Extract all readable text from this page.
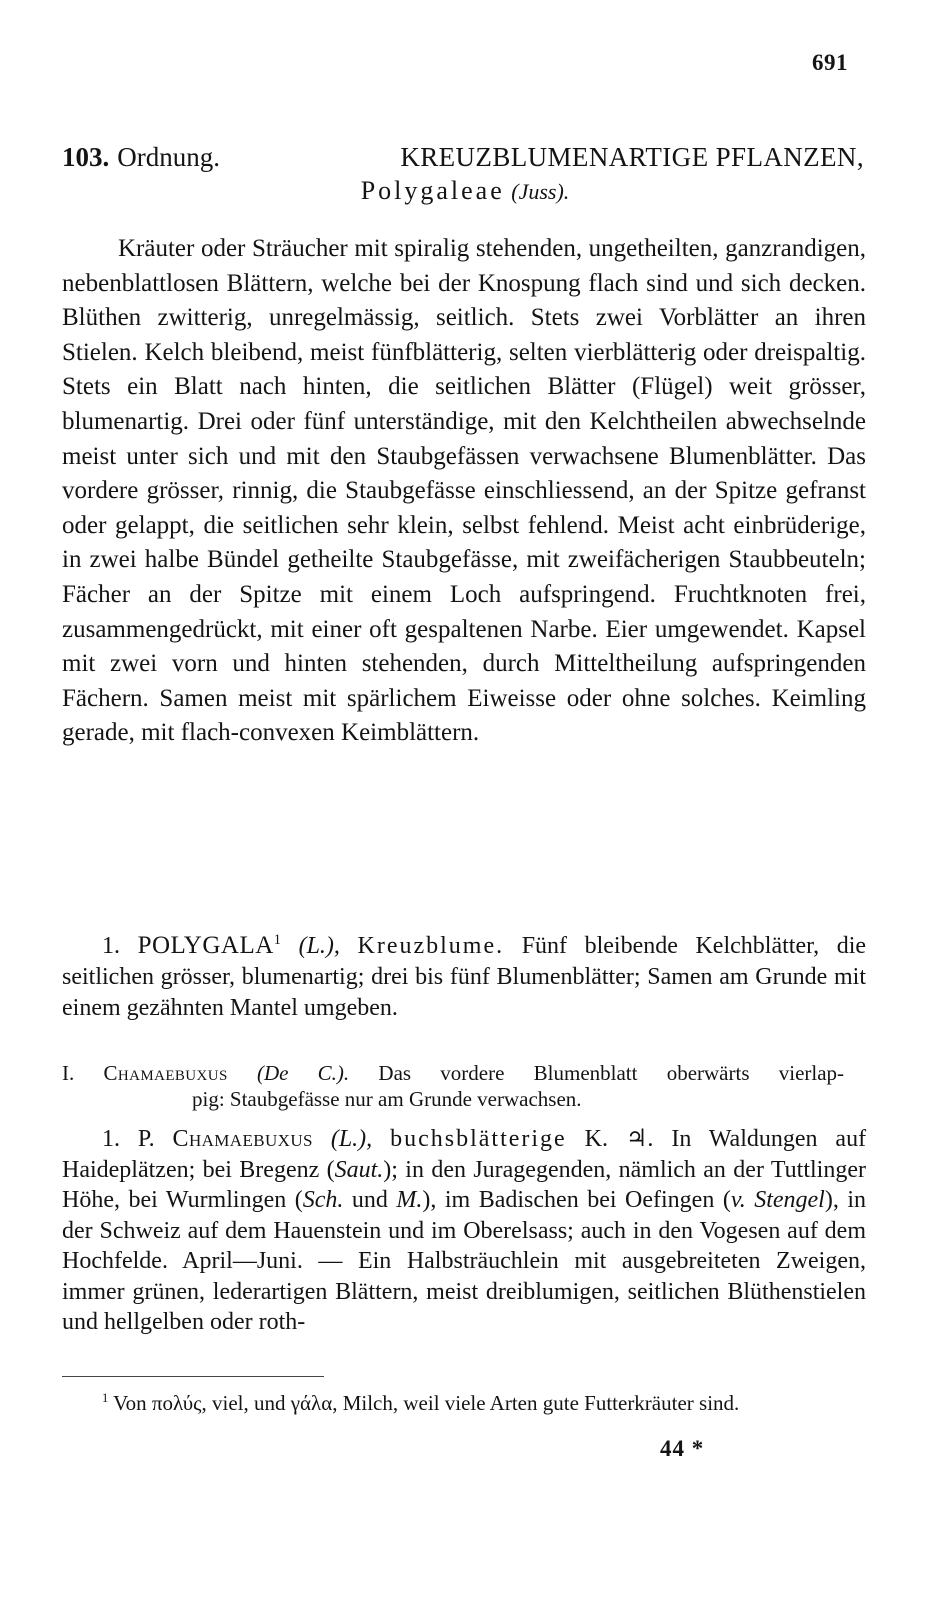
691
103. Ordnung.	KREUZBLUMENARTIGE PFLANZEN,
Polygaleae (Juss).

Kräuter oder Sträucher mit spiralig stehenden, ungetheilten, ganzrandigen, nebenblattlosen Blättern, welche bei der Knospung flach sind und sich decken. Blüthen zwitterig, unregelmässig, seitlich. Stets zwei Vorblätter an ihren Stielen. Kelch bleibend, meist fünfblätterig, selten vierblätterig oder dreispaltig. Stets ein Blatt nach hinten, die seitlichen Blätter (Flügel) weit grösser, blumenartig. Drei oder fünf unterständige, mit den Kelchtheilen abwechselnde meist unter sich und mit den Staubgefässen verwachsene Blumenblätter. Das vordere grösser, rinnig, die Staubgefässe einschliessend, an der Spitze gefranst oder gelappt, die seitlichen sehr klein, selbst fehlend. Meist acht einbrüderige, in zwei halbe Bündel getheilte Staubgefässe, mit zweifächerigen Staubbeuteln; Fächer an der Spitze mit einem Loch aufspringend. Fruchtknoten frei, zusammengedrückt, mit einer oft gespaltenen Narbe. Eier umgewendet. Kapsel mit zwei vorn und hinten stehenden, durch Mitteltheilung aufspringenden Fächern. Samen meist mit spärlichem Eiweisse oder ohne solches. Keimling gerade, mit flach-convexen Keimblättern.

1. POLYGALA$^1$ (L.), Kreuzblume. Fünf bleibende Kelchblätter, die seitlichen grösser, blumenartig; drei bis fünf Blumenblätter; Samen am Grunde mit einem gezähnten Mantel umgeben.

I. Chamaebuxus (De C.). Das vordere Blumenblatt oberwärts vierlap-
pig: Staubgefässe nur am Grunde verwachsen.

1. P. Chamaebuxus (L.), buchsblätterige K. ♃. In Waldungen auf Haideplätzen; bei Bregenz (Saut.); in den Juragegenden, nämlich an der Tuttlinger Höhe, bei Wurmlingen (Sch. und M.), im Badischen bei Oefingen (v. Stengel), in der Schweiz auf dem Hauenstein und im Oberelsass; auch in den Vogesen auf dem Hochfelde. April—Juni. — Ein Halbsträuchlein mit ausgebreiteten Zweigen, immer grünen, lederartigen Blättern, meist dreiblumigen, seitlichen Blüthenstielen und hellgelben oder roth-

$^1$ Von πολύς, viel, und γάλα, Milch, weil viele Arten gute Futterkräuter sind.
44 *
